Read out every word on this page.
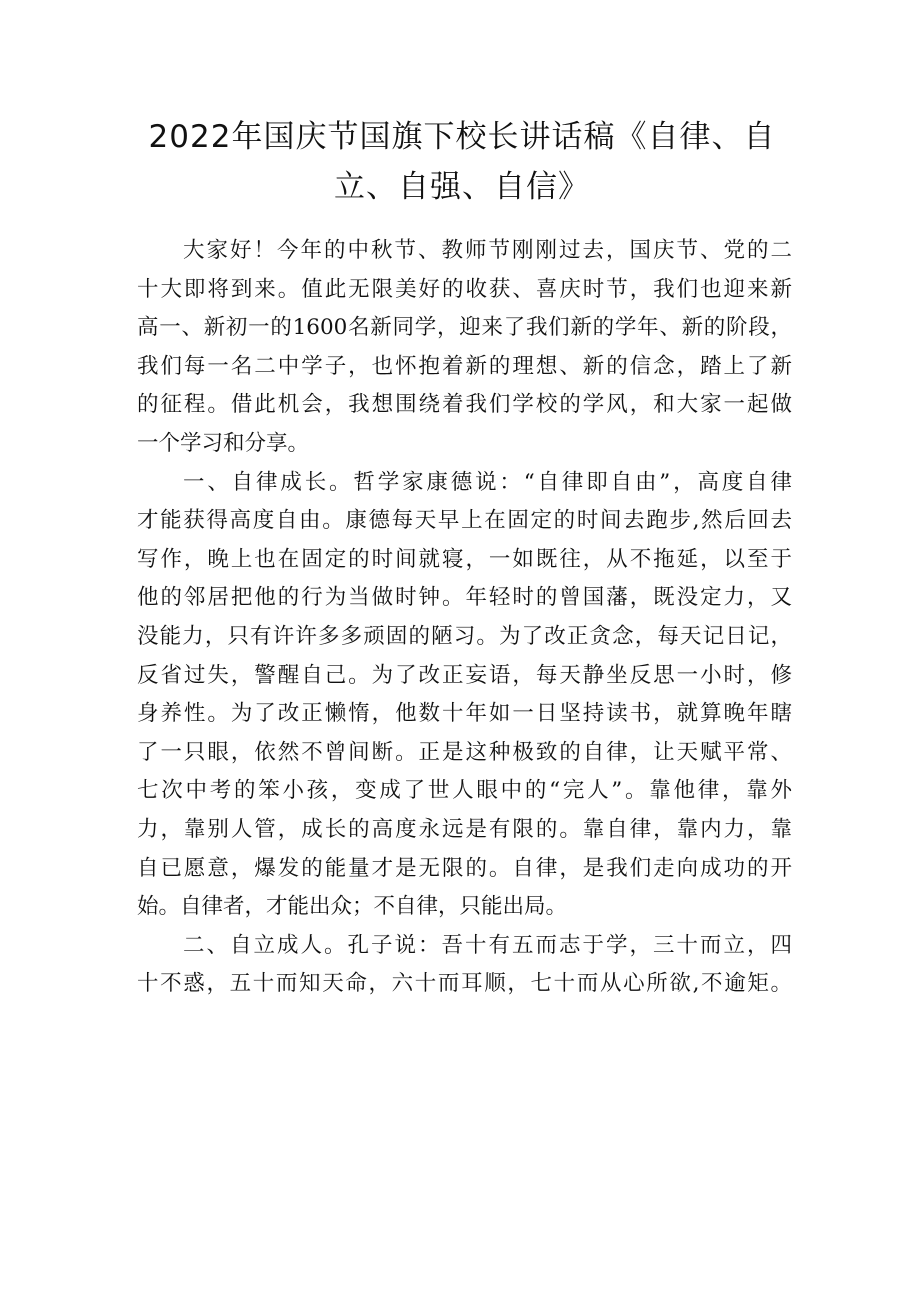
2022年国庆节国旗下校长讲话稿《自律、自
立、自强、自信》

大家好！今年的中秋节、教师节刚刚过去，国庆节、党的二
十大即将到来。值此无限美好的收获、喜庆时节，我们也迎来新
高一、新初一的1600名新同学，迎来了我们新的学年、新的阶段，
我们每一名二中学子，也怀抱着新的理想、新的信念，踏上了新
的征程。借此机会，我想围绕着我们学校的学风，和大家一起做
一个学习和分享。

一、自律成长。哲学家康德说：“自律即自由”，高度自律
才能获得高度自由。康德每天早上在固定的时间去跑步,然后回去
写作，晚上也在固定的时间就寝，一如既往，从不拖延，以至于
他的邻居把他的行为当做时钟。年轻时的曾国藩，既没定力，又
没能力，只有许许多多顽固的陋习。为了改正贪念，每天记日记，
反省过失，警醒自己。为了改正妄语，每天静坐反思一小时，修
身养性。为了改正懒惰，他数十年如一日坚持读书，就算晚年瞎
了一只眼，依然不曾间断。正是这种极致的自律，让天赋平常、
七次中考的笨小孩，变成了世人眼中的“完人”。靠他律，靠外
力，靠别人管，成长的高度永远是有限的。靠自律，靠内力，靠
自已愿意，爆发的能量才是无限的。自律，是我们走向成功的开
始。自律者，才能出众；不自律，只能出局。

二、自立成人。孔子说：吾十有五而志于学，三十而立，四
十不惑，五十而知天命，六十而耳顺，七十而从心所欲,不逾矩。
